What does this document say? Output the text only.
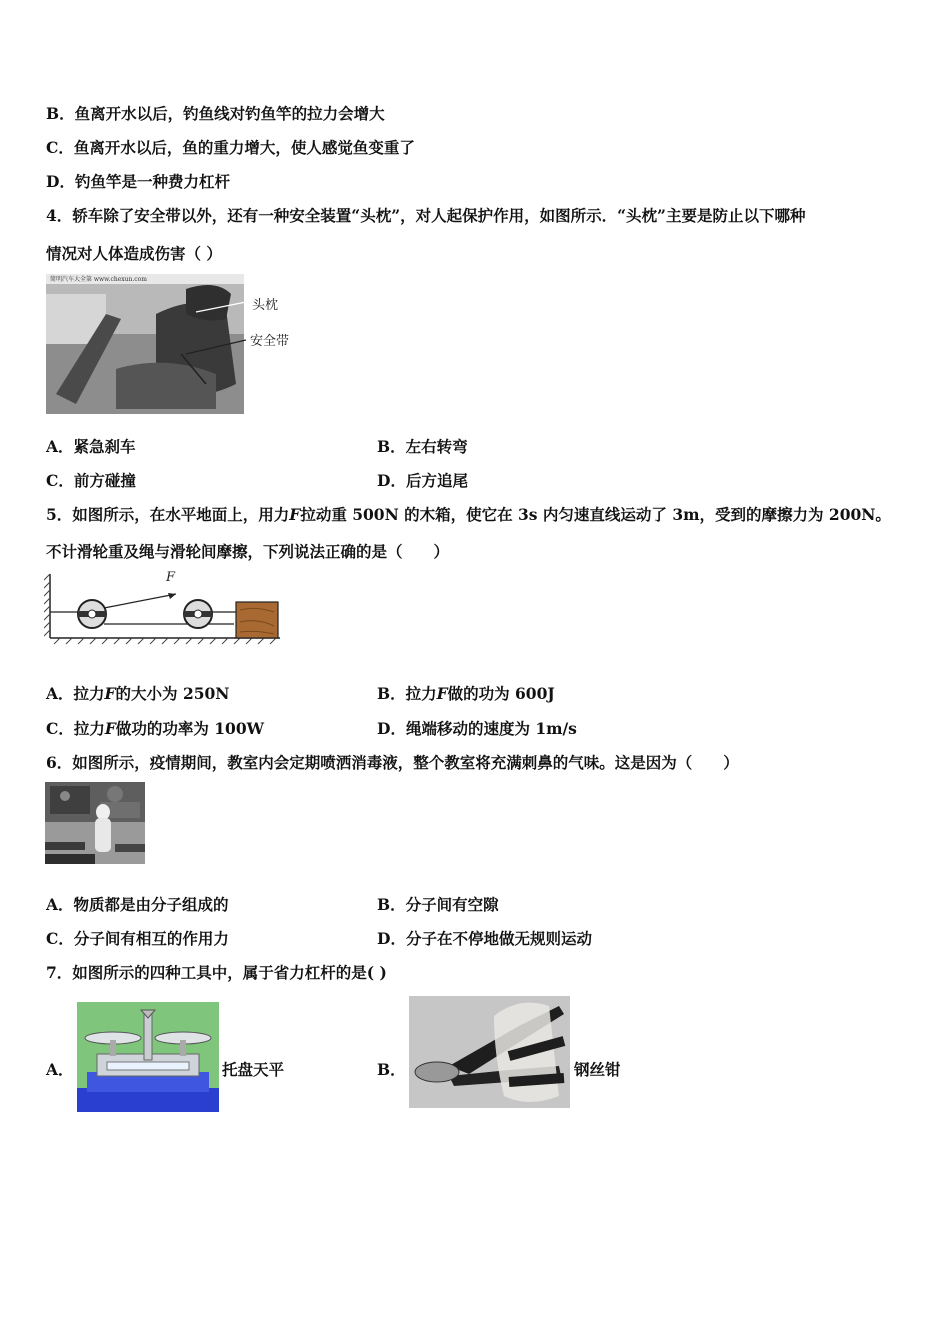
B．鱼离开水以后，钓鱼线对钓鱼竿的拉力会增大
C．鱼离开水以后，鱼的重力增大，使人感觉鱼变重了
D．钓鱼竿是一种费力杠杆
4．轿车除了安全带以外，还有一种安全装置“头枕”，对人起保护作用，如图所示．“头枕”主要是防止以下哪种
情况对人体造成伤害（ ）
简明汽车大全第 www.chexun.com
头枕
安全带
A．紧急刹车	B．左右转弯
C．前方碰撞	D．后方追尾
5．如图所示，在水平地面上，用力F拉动重 500N 的木箱，使它在 3s 内匀速直线运动了 3m，受到的摩擦力为 200N。
不计滑轮重及绳与滑轮间摩擦，下列说法正确的是（　　）
F
A．拉力F的大小为 250N	B．拉力F做的功为 600J
C．拉力F做功的功率为 100W	D．绳端移动的速度为 1m/s
6．如图所示，疫情期间，教室内会定期喷洒消毒液，整个教室将充满刺鼻的气味。这是因为（　　）
A．物质都是由分子组成的	B．分子间有空隙
C．分子间有相互的作用力	D．分子在不停地做无规则运动
7．如图所示的四种工具中，属于省力杠杆的是( )
A．	托盘天平	B．	钢丝钳
